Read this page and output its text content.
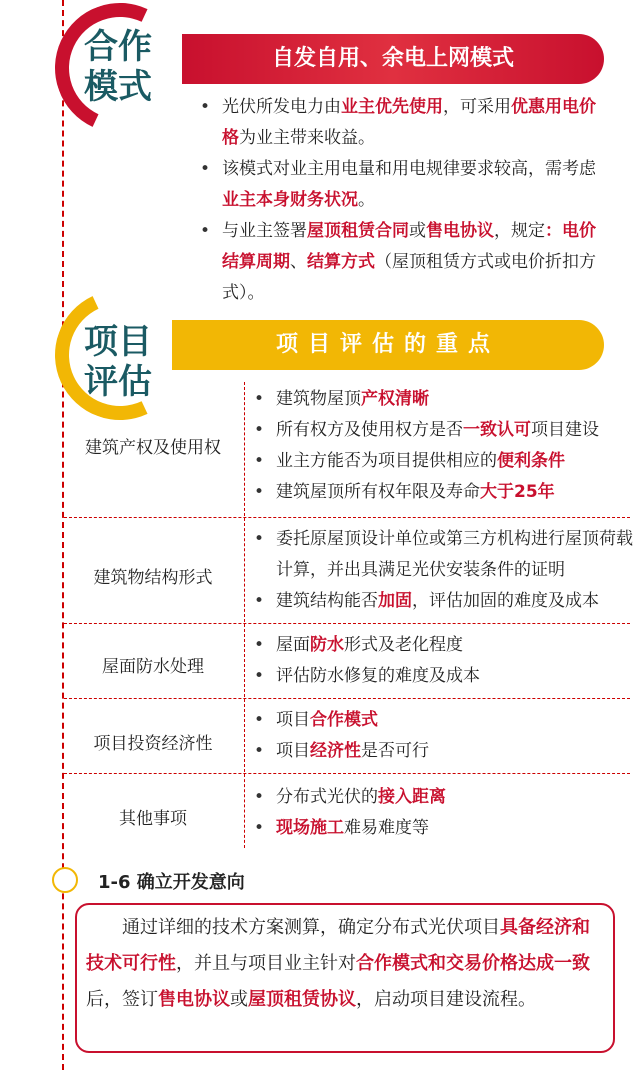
合作
模式
自发自用、余电上网模式
• 光伏所发电力由业主优先使用，可采用优惠用电价格为业主带来收益。
• 该模式对业主用电量和用电规律要求较高，需考虑业主本身财务状况。
• 与业主签署屋顶租赁合同或售电协议，规定：电价结算周期、结算方式（屋顶租赁方式或电价折扣方式）。
项目
评估
项目评估的重点
建筑产权及使用权
• 建筑物屋顶产权清晰
• 所有权方及使用权方是否一致认可项目建设
• 业主方能否为项目提供相应的便利条件
• 建筑屋顶所有权年限及寿命大于25年
建筑物结构形式
• 委托原屋顶设计单位或第三方机构进行屋顶荷载计算，并出具满足光伏安装条件的证明
• 建筑结构能否加固，评估加固的难度及成本
屋面防水处理
• 屋面防水形式及老化程度
• 评估防水修复的难度及成本
项目投资经济性
• 项目合作模式
• 项目经济性是否可行
其他事项
• 分布式光伏的接入距离
• 现场施工难易难度等
1-6 确立开发意向
通过详细的技术方案测算，确定分布式光伏项目具备经济和技术可行性，并且与项目业主针对合作模式和交易价格达成一致后，签订售电协议或屋顶租赁协议，启动项目建设流程。
